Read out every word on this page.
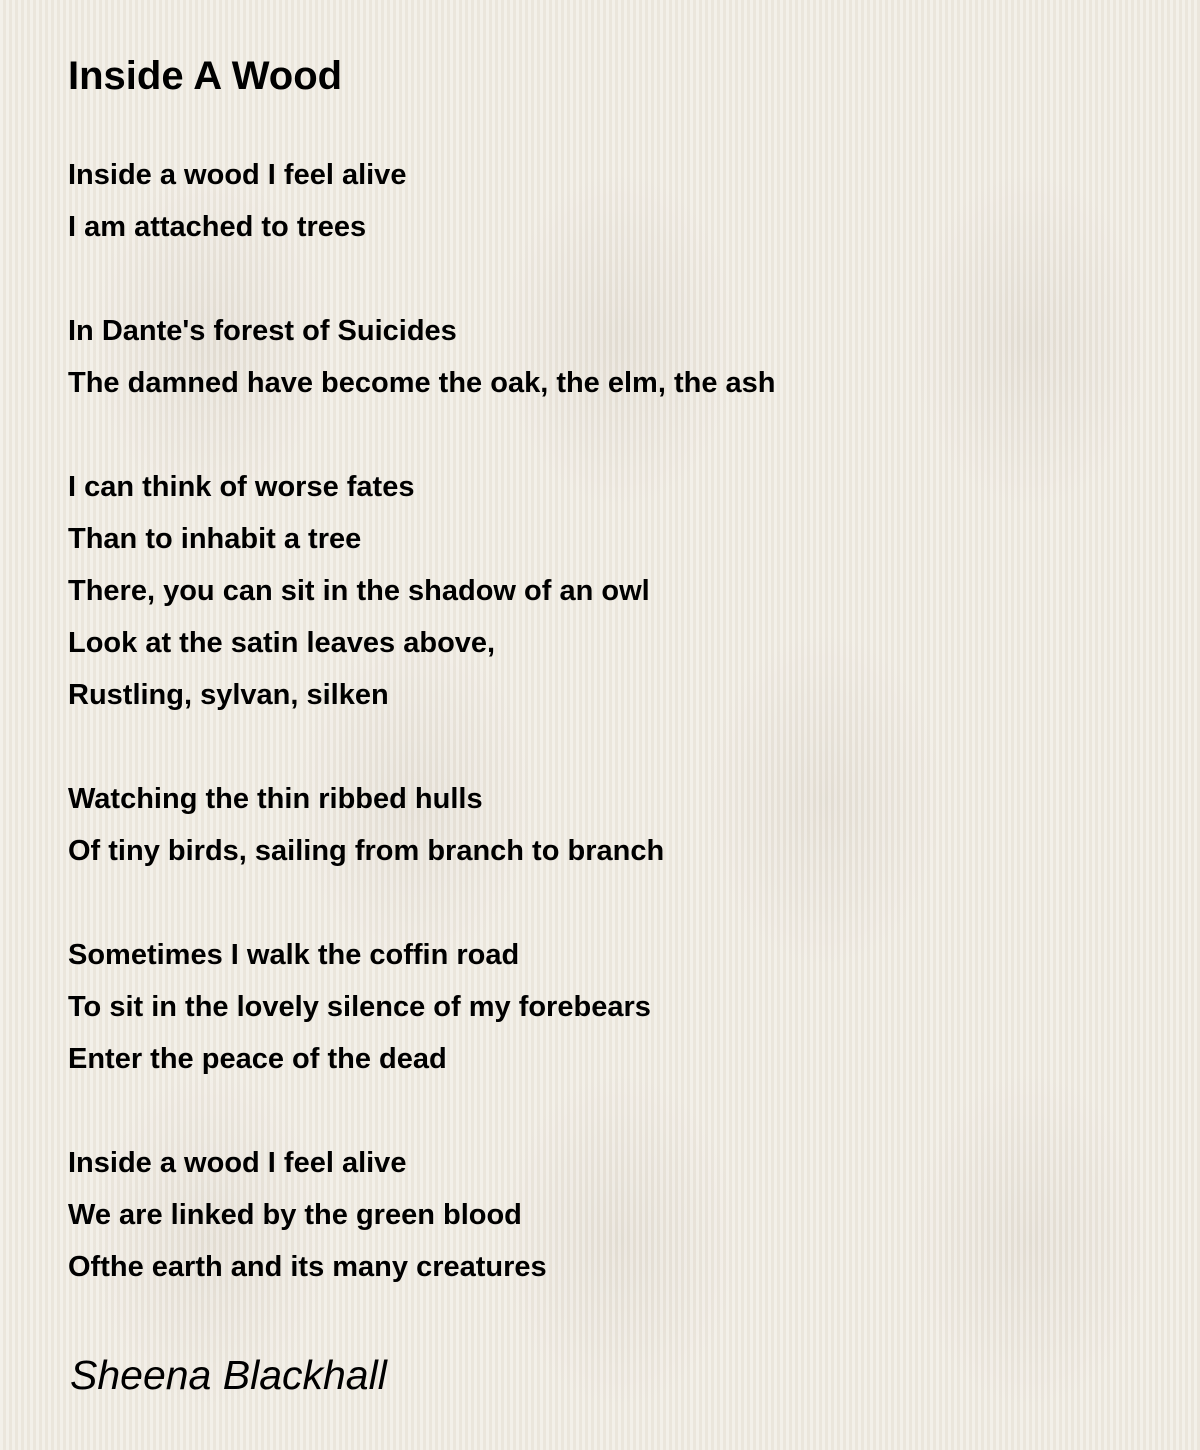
Inside A Wood
Inside a wood I feel alive
I am attached to trees
In Dante's forest of Suicides
The damned have become the oak, the elm, the ash
I can think of worse fates
Than to inhabit a tree
There, you can sit in the shadow of an owl
Look at the satin leaves above,
Rustling, sylvan, silken
Watching the thin ribbed hulls
Of tiny birds, sailing from branch to branch
Sometimes I walk the coffin road
To sit in the lovely silence of my forebears
Enter the peace of the dead
Inside a wood I feel alive
We are linked by the green blood
Ofthe earth and its many creatures
Sheena Blackhall
